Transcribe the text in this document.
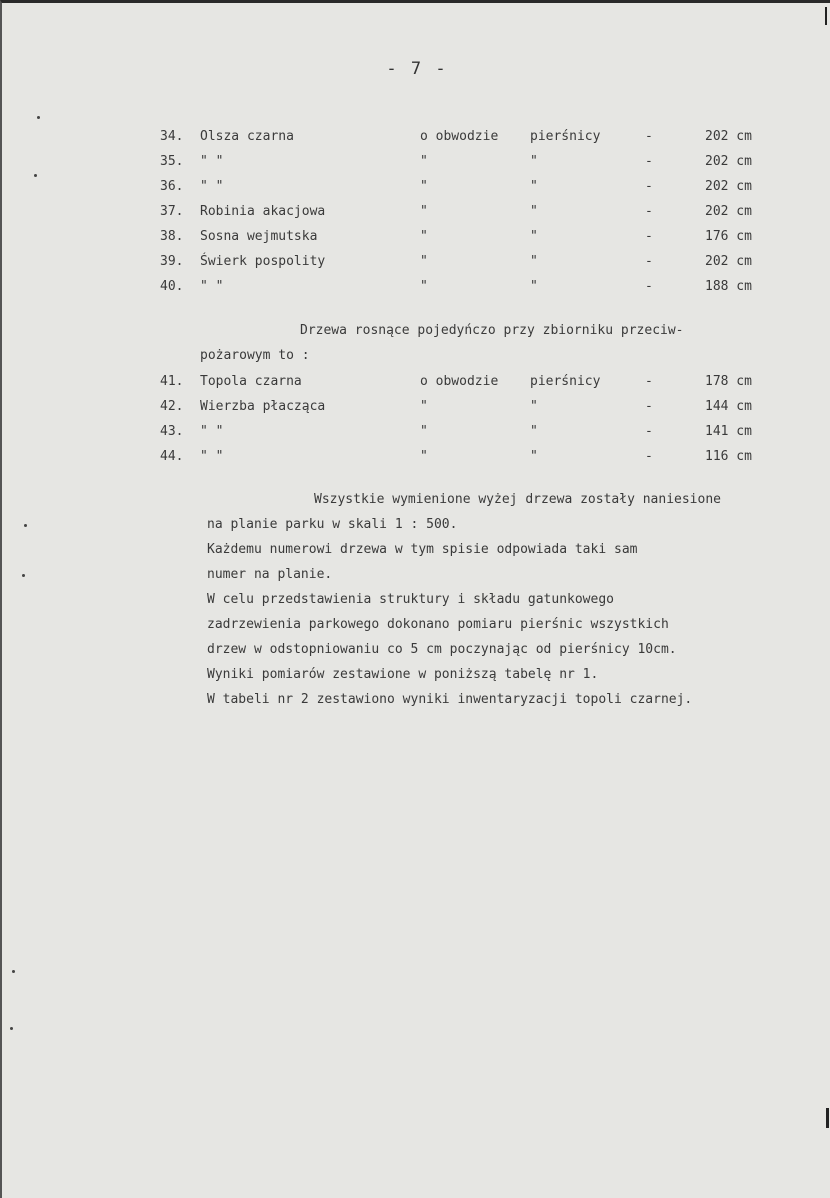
- 7 -
34. Olsza czarna	o obwodzie pierśnicy	-	202 cm
35. " "	"	"	-	202 cm
36. " "	"	"	-	202 cm
37. Robinia akacjowa	"	"	-	202 cm
38. Sosna wejmutska	"	"	-	176 cm
39. Świerk pospolity	"	"	-	202 cm
40. " "	"	"	-	188 cm
Drzewa rosnące pojedyńczo przy zbiorniku przeciw-
pożarowym to :
41. Topola czarna	o obwodzie pierśnicy	-	178 cm
42. Wierzba płacząca	"	"	-	144 cm
43. " "	"	"	-	141 cm
44. " "	"	"	-	116 cm
Wszystkie wymienione wyżej drzewa zostały naniesione
na planie parku w skali 1 : 500.
Każdemu numerowi drzewa w tym spisie odpowiada taki sam
numer na planie.
W celu przedstawienia struktury i składu gatunkowego
zadrzewienia parkowego dokonano pomiaru pierśnic wszystkich
drzew w odstopniowaniu co 5 cm poczynając od pierśnicy 10cm.
Wyniki pomiarów zestawione w poniższą tabelę nr 1.
W tabeli nr 2 zestawiono wyniki inwentaryzacji topoli czarnej.
